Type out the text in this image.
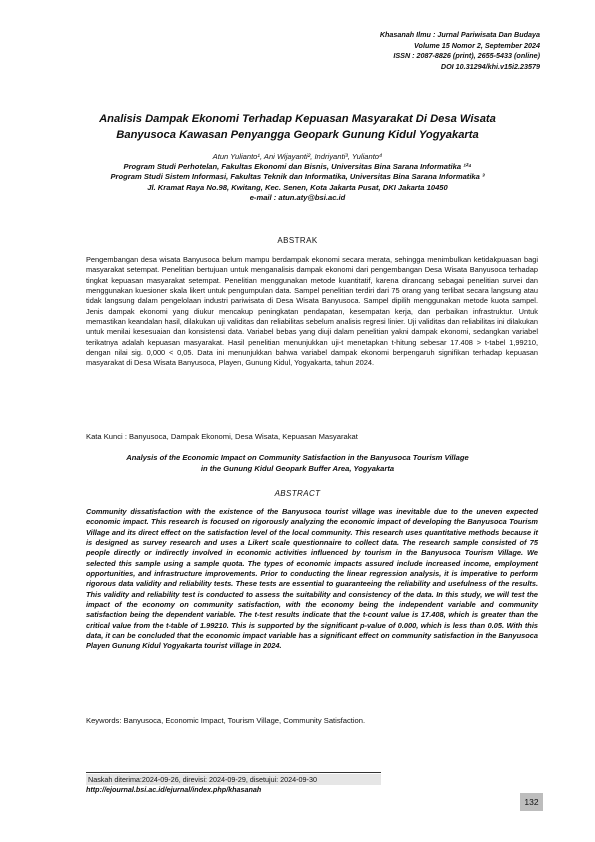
Khasanah Ilmu : Jurnal Pariwisata Dan Budaya
Volume 15 Nomor 2, September 2024
ISSN : 2087-8826 (print), 2655-5433 (online)
DOI 10.31294/khi.v15i2.23579
Analisis Dampak Ekonomi Terhadap Kepuasan Masyarakat Di Desa Wisata
Banyusoca Kawasan Penyangga Geopark Gunung Kidul Yogyakarta
Atun Yulianto¹, Ani Wijayanti², Indriyanti³, Yulianto⁴
Program Studi Perhotelan, Fakultas Ekonomi dan Bisnis, Universitas Bina Sarana Informatika ¹²⁴
Program Studi Sistem Informasi, Fakultas Teknik dan Informatika, Universitas Bina Sarana Informatika ³
Jl. Kramat Raya No.98, Kwitang, Kec. Senen, Kota Jakarta Pusat, DKI Jakarta 10450
e-mail : atun.aty@bsi.ac.id
ABSTRAK

Pengembangan desa wisata Banyusoca belum mampu berdampak ekonomi secara merata, sehingga menimbulkan ketidakpuasan bagi masyarakat setempat. Penelitian bertujuan untuk menganalisis dampak ekonomi dari pengembangan Desa Wisata Banyusoca terhadap tingkat kepuasan masyarakat setempat. Penelitian menggunakan metode kuantitatif, karena dirancang sebagai penelitian survei dan menggunakan kuesioner skala likert untuk pengumpulan data. Sampel penelitian terdiri dari 75 orang yang terlibat secara langsung atau tidak langsung dalam pengelolaan industri pariwisata di Desa Wisata Banyusoca. Sampel dipilih menggunakan metode kuota sampel. Jenis dampak ekonomi yang diukur mencakup peningkatan pendapatan, kesempatan kerja, dan perbaikan infrastruktur. Untuk memastikan keandalan hasil, dilakukan uji validitas dan reliabilitas sebelum analisis regresi linier. Uji validitas dan reliabilitas ini dilakukan untuk menilai kesesuaian dan konsistensi data. Variabel bebas yang diuji dalam penelitian yakni dampak ekonomi, sedangkan variabel terikatnya adalah kepuasan masyarakat. Hasil penelitian menunjukkan uji-t menetapkan t-hitung sebesar 17.408 > t-tabel 1,99210, dengan nilai sig. 0,000 < 0,05. Data ini menunjukkan bahwa variabel dampak ekonomi berpengaruh signifikan terhadap kepuasan masyarakat di Desa Wisata Banyusoca, Playen, Gunung Kidul, Yogyakarta, tahun 2024.

Kata Kunci : Banyusoca, Dampak Ekonomi, Desa Wisata, Kepuasan Masyarakat
Analysis of the Economic Impact on Community Satisfaction in the Banyusoca Tourism Village
in the Gunung Kidul Geopark Buffer Area, Yogyakarta
ABSTRACT

Community dissatisfaction with the existence of the Banyusoca tourist village was inevitable due to the uneven expected economic impact. This research is focused on rigorously analyzing the economic impact of developing the Banyusoca Tourism Village and its direct effect on the satisfaction level of the local community. This research uses quantitative methods because it is designed as survey research and uses a Likert scale questionnaire to collect data. The research sample consisted of 75 people directly or indirectly involved in economic activities influenced by tourism in the Banyusoca Tourism Village. We selected this sample using a sample quota. The types of economic impacts assured include increased income, employment opportunities, and infrastructure improvements. Prior to conducting the linear regression analysis, it is imperative to perform rigorous data validity and reliability tests. These tests are essential to guaranteeing the reliability and usefulness of the results. This validity and reliability test is conducted to assess the suitability and consistency of the data. In this study, we will test the impact of the economy on community satisfaction, with the economy being the independent variable and community satisfaction being the dependent variable. The t-test results indicate that the t-count value is 17.408, which is greater than the critical value from the t-table of 1.99210. This is supported by the significant p-value of 0.000, which is less than 0.05. With this data, it can be concluded that the economic impact variable has a significant effect on community satisfaction in the Banyusoca Playen Gunung Kidul Yogyakarta tourist village in 2024.

Keywords: Banyusoca, Economic Impact, Tourism Village, Community Satisfaction.
Naskah diterima:2024-09-26, direvisi: 2024-09-29, disetujui: 2024-09-30
http://ejournal.bsi.ac.id/ejurnal/index.php/khasanah
132
